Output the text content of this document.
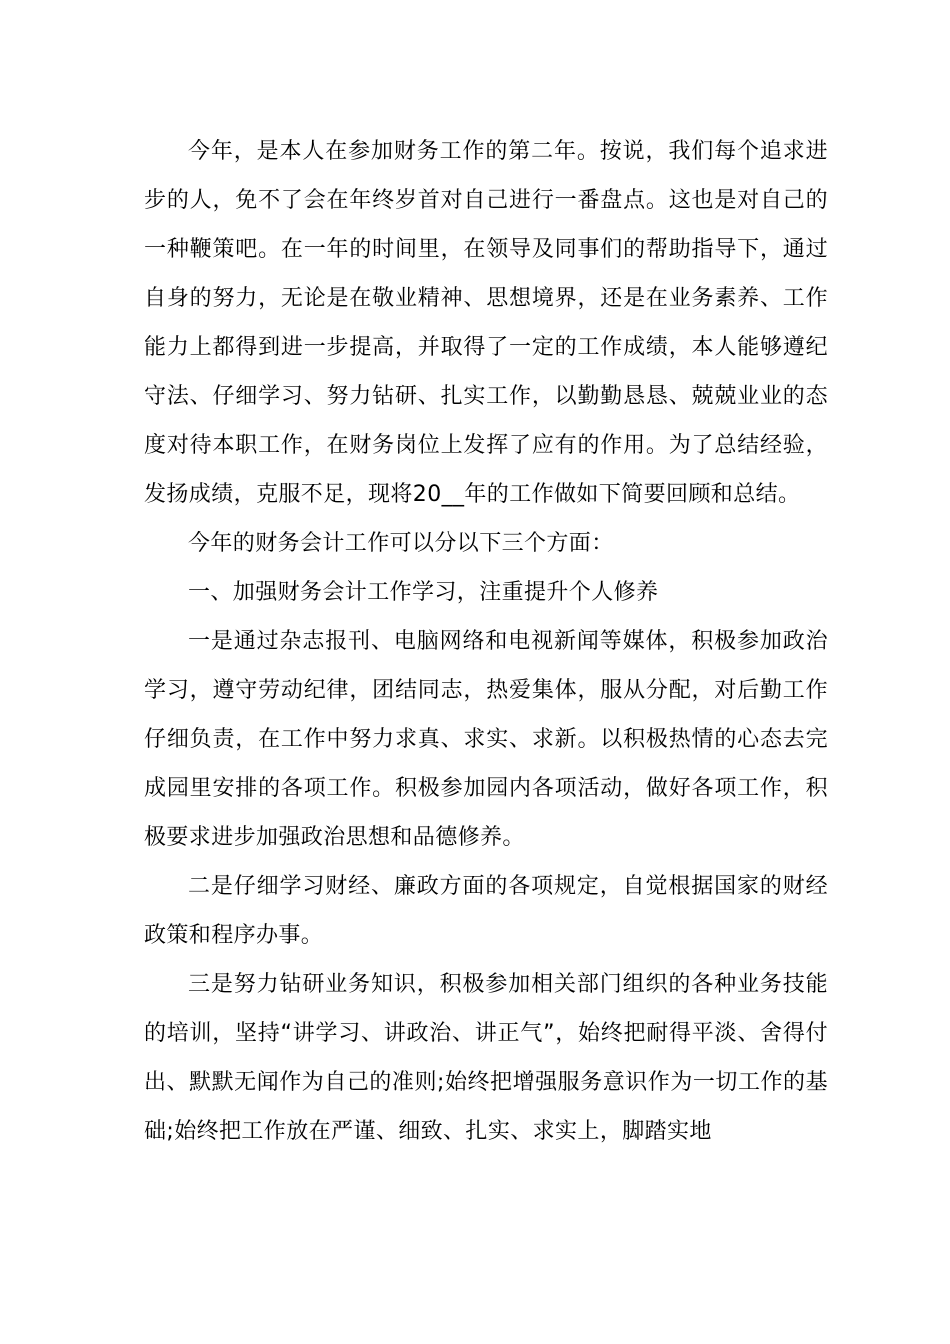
今年，是本人在参加财务工作的第二年。按说，我们每个追求进步的人，免不了会在年终岁首对自己进行一番盘点。这也是对自己的一种鞭策吧。在一年的时间里，在领导及同事们的帮助指导下，通过自身的努力，无论是在敬业精神、思想境界，还是在业务素养、工作能力上都得到进一步提高，并取得了一定的工作成绩，本人能够遵纪守法、仔细学习、努力钻研、扎实工作，以勤勤恳恳、兢兢业业的态度对待本职工作，在财务岗位上发挥了应有的作用。为了总结经验，发扬成绩，克服不足，现将20__年的工作做如下简要回顾和总结。

今年的财务会计工作可以分以下三个方面：

一、加强财务会计工作学习，注重提升个人修养

一是通过杂志报刊、电脑网络和电视新闻等媒体，积极参加政治学习，遵守劳动纪律，团结同志，热爱集体，服从分配，对后勤工作仔细负责，在工作中努力求真、求实、求新。以积极热情的心态去完成园里安排的各项工作。积极参加园内各项活动，做好各项工作，积极要求进步加强政治思想和品德修养。

二是仔细学习财经、廉政方面的各项规定，自觉根据国家的财经政策和程序办事。

三是努力钻研业务知识，积极参加相关部门组织的各种业务技能的培训，坚持“讲学习、讲政治、讲正气”，始终把耐得平淡、舍得付出、默默无闻作为自己的准则;始终把增强服务意识作为一切工作的基础;始终把工作放在严谨、细致、扎实、求实上，脚踏实地
